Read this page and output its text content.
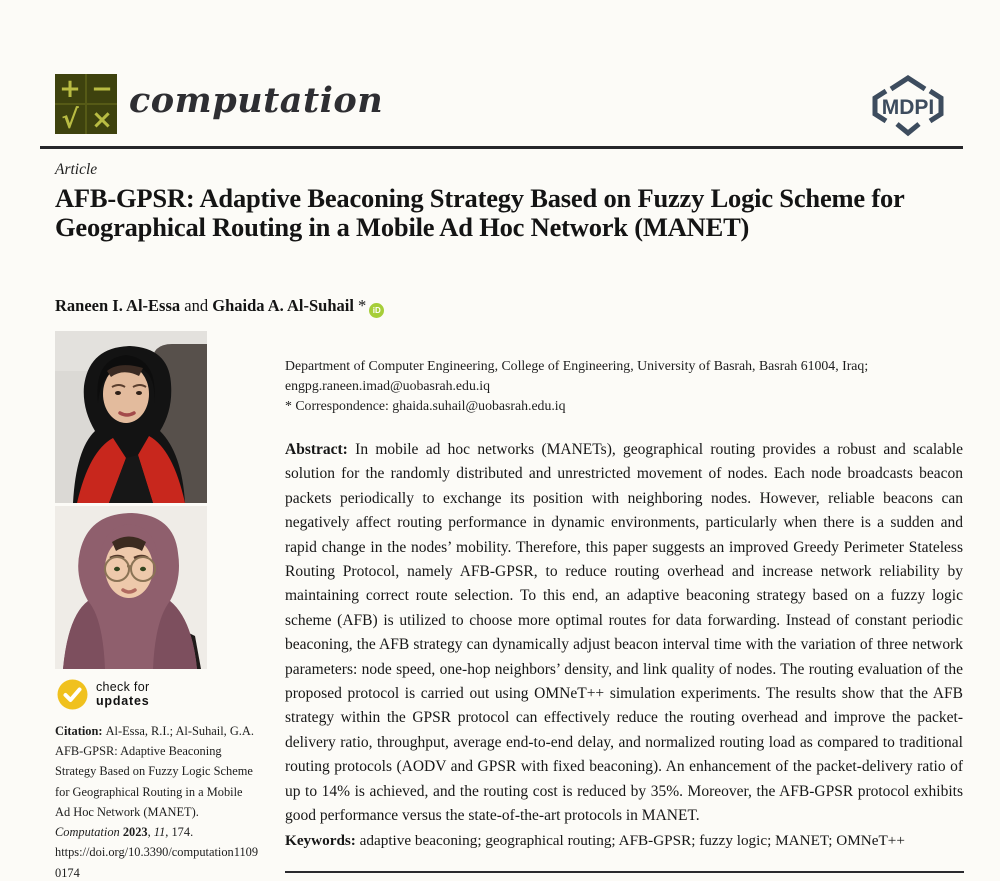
+ −
√ × computation	MDPI
Article
AFB-GPSR: Adaptive Beaconing Strategy Based on Fuzzy Logic Scheme for Geographical Routing in a Mobile Ad Hoc Network (MANET)
Raneen I. Al-Essa and Ghaida A. Al-Suhail * iD
check for
updates
Citation: Al-Essa, R.I.; Al-Suhail, G.A. AFB-GPSR: Adaptive Beaconing Strategy Based on Fuzzy Logic Scheme for Geographical Routing in a Mobile Ad Hoc Network (MANET). Computation 2023, 11, 174. https://doi.org/10.3390/computation11090174

Department of Computer Engineering, College of Engineering, University of Basrah, Basrah 61004, Iraq; engpg.raneen.imad@uobasrah.edu.iq

* Correspondence: ghaida.suhail@uobasrah.edu.iq

Abstract: In mobile ad hoc networks (MANETs), geographical routing provides a robust and scalable solution for the randomly distributed and unrestricted movement of nodes. Each node broadcasts beacon packets periodically to exchange its position with neighboring nodes. However, reliable beacons can negatively affect routing performance in dynamic environments, particularly when there is a sudden and rapid change in the nodes’ mobility. Therefore, this paper suggests an improved Greedy Perimeter Stateless Routing Protocol, namely AFB-GPSR, to reduce routing overhead and increase network reliability by maintaining correct route selection. To this end, an adaptive beaconing strategy based on a fuzzy logic scheme (AFB) is utilized to choose more optimal routes for data forwarding. Instead of constant periodic beaconing, the AFB strategy can dynamically adjust beacon interval time with the variation of three network parameters: node speed, one-hop neighbors’ density, and link quality of nodes. The routing evaluation of the proposed protocol is carried out using OMNeT++ simulation experiments. The results show that the AFB strategy within the GPSR protocol can effectively reduce the routing overhead and improve the packet-delivery ratio, throughput, average end-to-end delay, and normalized routing load as compared to traditional routing protocols (AODV and GPSR with fixed beaconing). An enhancement of the packet-delivery ratio of up to 14% is achieved, and the routing cost is reduced by 35%. Moreover, the AFB-GPSR protocol exhibits good performance versus the state-of-the-art protocols in MANET.

Keywords: adaptive beaconing; geographical routing; AFB-GPSR; fuzzy logic; MANET; OMNeT++
